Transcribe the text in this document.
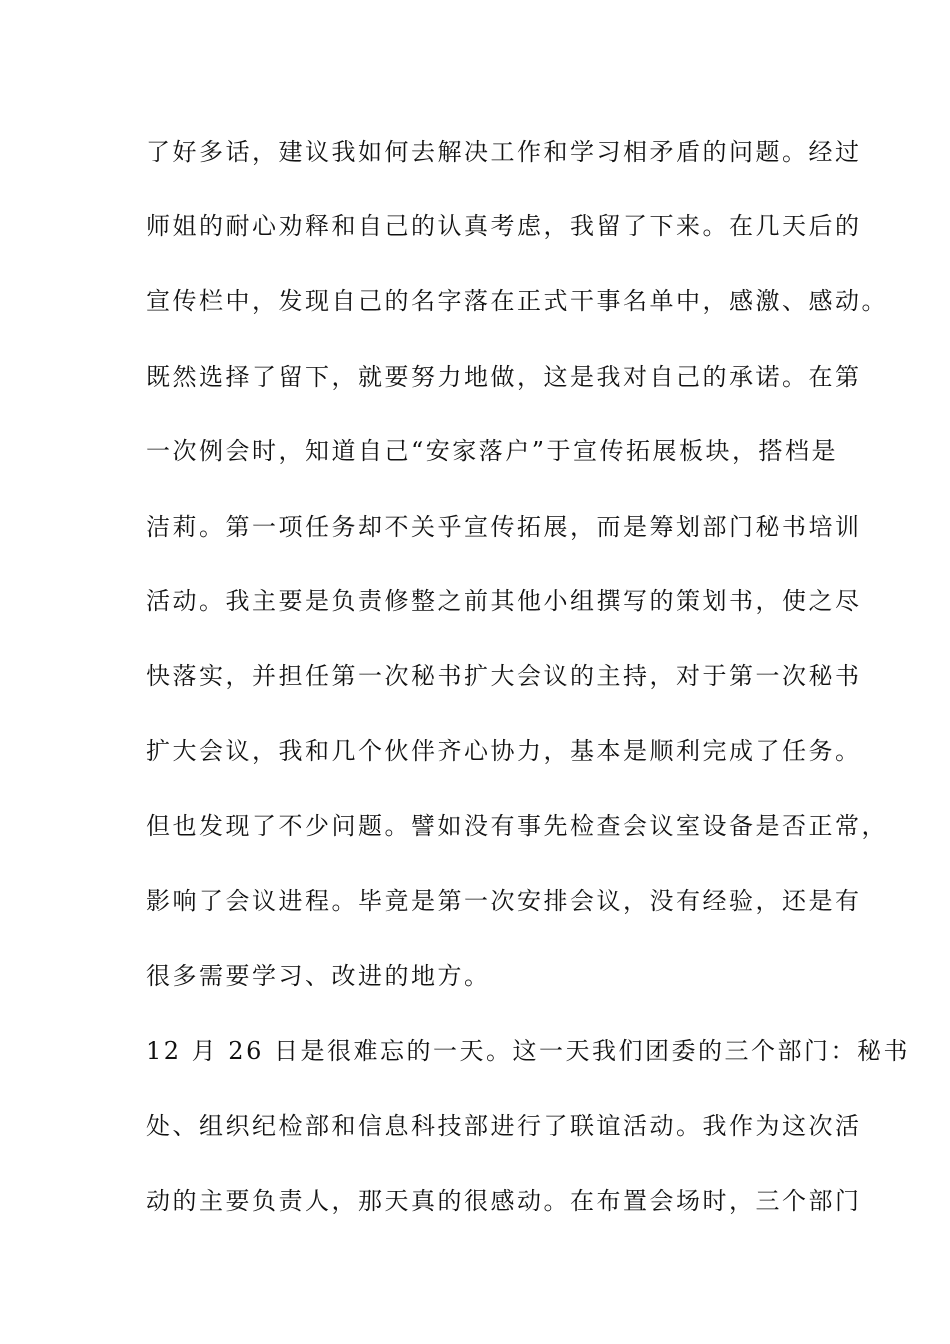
了好多话，建议我如何去解决工作和学习相矛盾的问题。经过

师姐的耐心劝释和自己的认真考虑，我留了下来。在几天后的

宣传栏中，发现自己的名字落在正式干事名单中，感激、感动。

既然选择了留下，就要努力地做，这是我对自己的承诺。在第

一次例会时，知道自己“安家落户”于宣传拓展板块，搭档是

洁莉。第一项任务却不关乎宣传拓展，而是筹划部门秘书培训

活动。我主要是负责修整之前其他小组撰写的策划书，使之尽

快落实，并担任第一次秘书扩大会议的主持，对于第一次秘书

扩大会议，我和几个伙伴齐心协力，基本是顺利完成了任务。

但也发现了不少问题。譬如没有事先检查会议室设备是否正常，

影响了会议进程。毕竟是第一次安排会议，没有经验，还是有

很多需要学习、改进的地方。

12 月 26 日是很难忘的一天。这一天我们团委的三个部门：秘书

处、组织纪检部和信息科技部进行了联谊活动。我作为这次活

动的主要负责人，那天真的很感动。在布置会场时，三个部门
